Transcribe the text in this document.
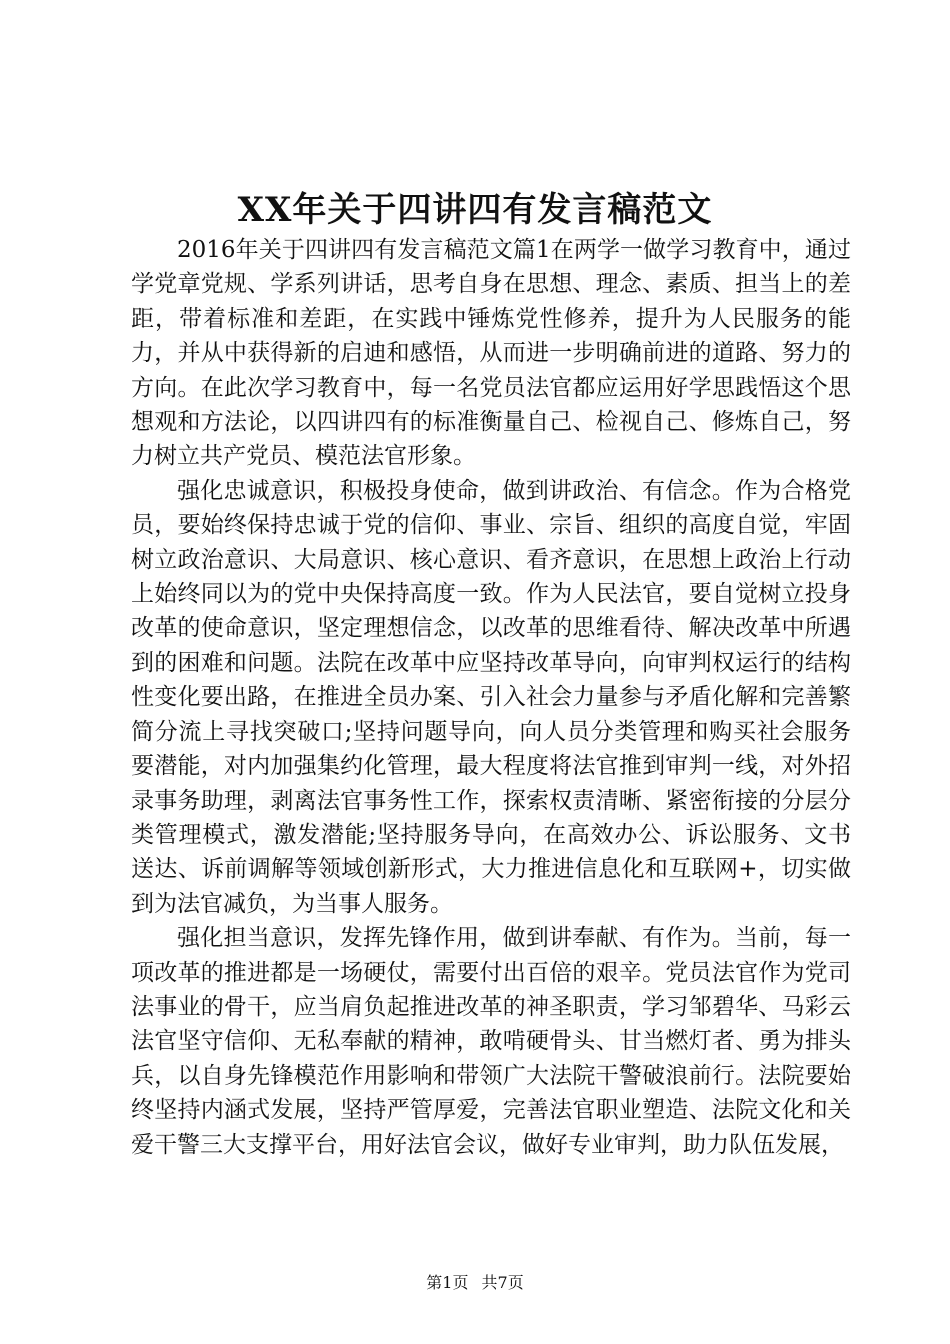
XX年关于四讲四有发言稿范文

2016年关于四讲四有发言稿范文篇1在两学一做学习教育中，通过学党章党规、学系列讲话，思考自身在思想、理念、素质、担当上的差距，带着标准和差距，在实践中锤炼党性修养，提升为人民服务的能力，并从中获得新的启迪和感悟，从而进一步明确前进的道路、努力的方向。在此次学习教育中，每一名党员法官都应运用好学思践悟这个思想观和方法论，以四讲四有的标准衡量自己、检视自己、修炼自己，努力树立共产党员、模范法官形象。

强化忠诚意识，积极投身使命，做到讲政治、有信念。作为合格党员，要始终保持忠诚于党的信仰、事业、宗旨、组织的高度自觉，牢固树立政治意识、大局意识、核心意识、看齐意识，在思想上政治上行动上始终同以为的党中央保持高度一致。作为人民法官，要自觉树立投身改革的使命意识，坚定理想信念，以改革的思维看待、解决改革中所遇到的困难和问题。法院在改革中应坚持改革导向，向审判权运行的结构性变化要出路，在推进全员办案、引入社会力量参与矛盾化解和完善繁简分流上寻找突破口;坚持问题导向，向人员分类管理和购买社会服务要潜能，对内加强集约化管理，最大程度将法官推到审判一线，对外招录事务助理，剥离法官事务性工作，探索权责清晰、紧密衔接的分层分类管理模式，激发潜能;坚持服务导向，在高效办公、诉讼服务、文书送达、诉前调解等领域创新形式，大力推进信息化和互联网+，切实做到为法官减负，为当事人服务。

强化担当意识，发挥先锋作用，做到讲奉献、有作为。当前，每一项改革的推进都是一场硬仗，需要付出百倍的艰辛。党员法官作为党司法事业的骨干，应当肩负起推进改革的神圣职责，学习邹碧华、马彩云法官坚守信仰、无私奉献的精神，敢啃硬骨头、甘当燃灯者、勇为排头兵，以自身先锋模范作用影响和带领广大法院干警破浪前行。法院要始终坚持内涵式发展，坚持严管厚爱，完善法官职业塑造、法院文化和关爱干警三大支撑平台，用好法官会议，做好专业审判，助力队伍发展，

第1页 共7页
